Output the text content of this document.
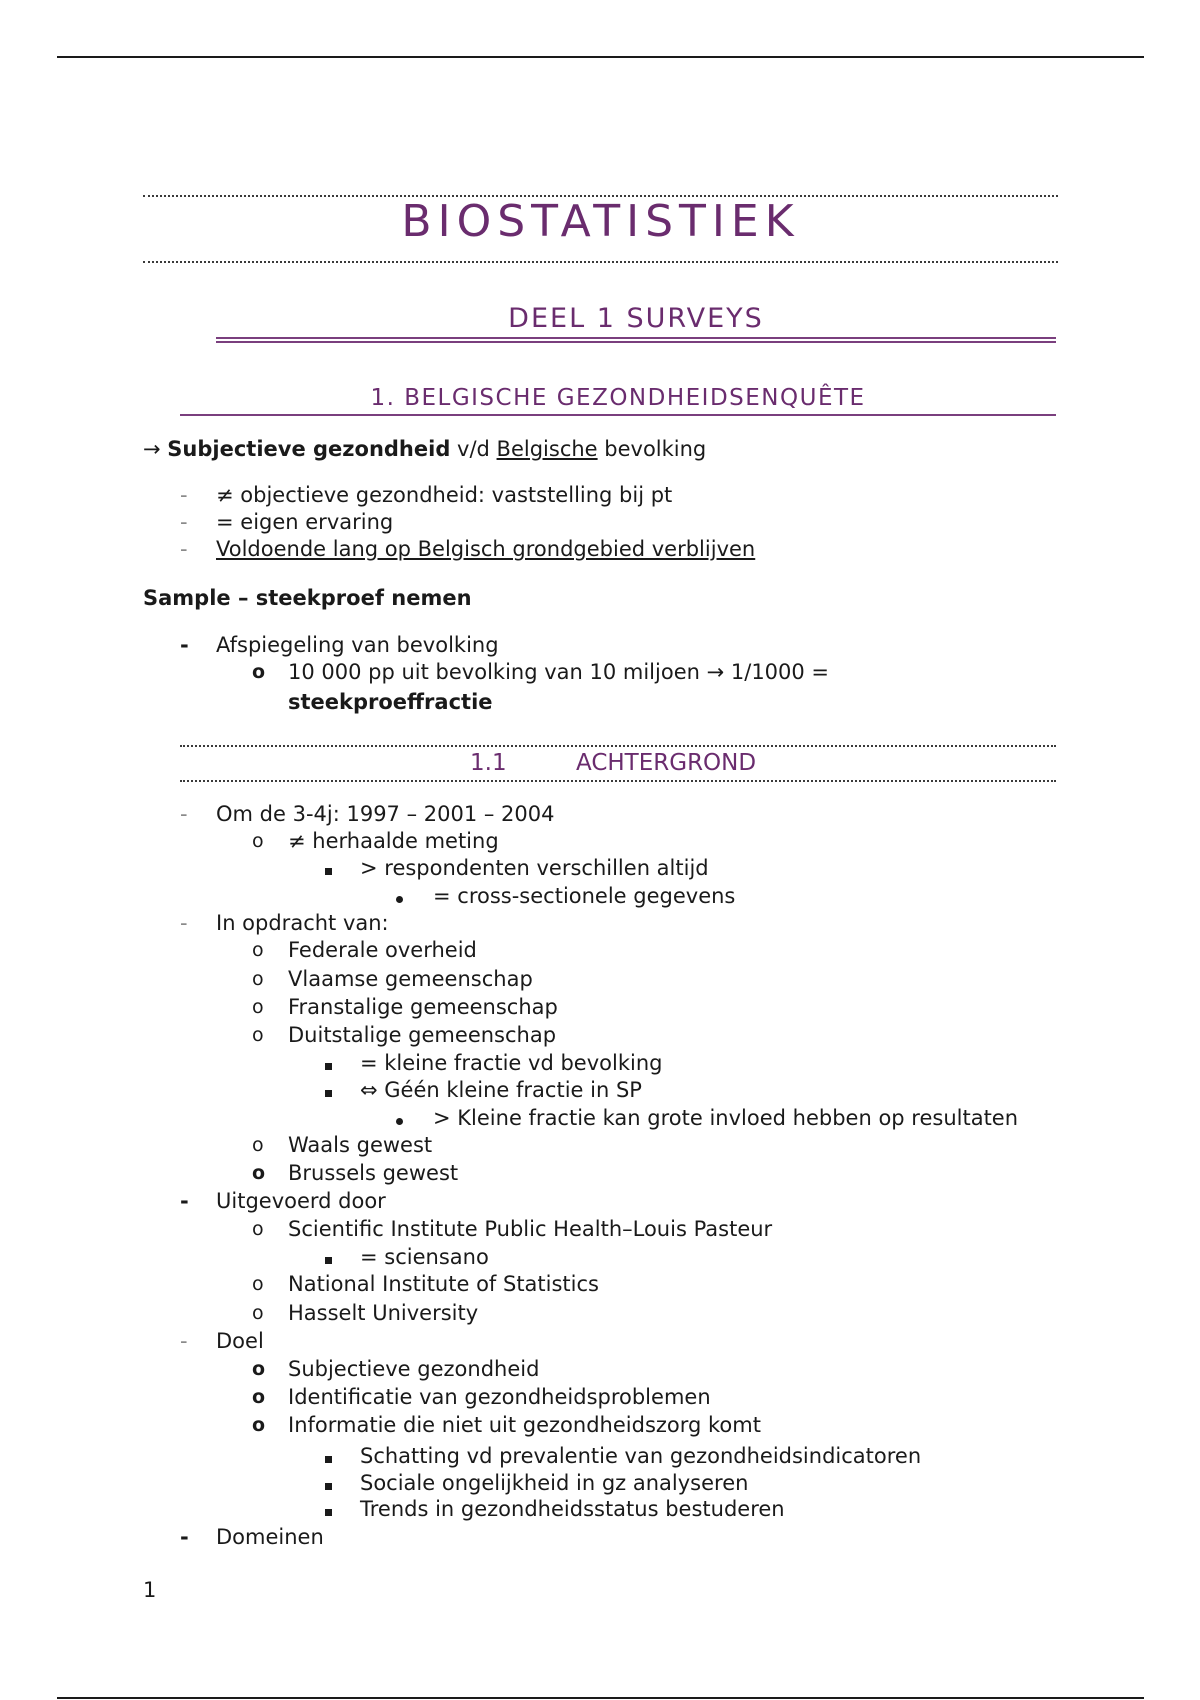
BIOSTATISTIEK
DEEL 1 SURVEYS
1. BELGISCHE GEZONDHEIDSENQUÊTE
→ Subjectieve gezondheid v/d Belgische bevolking
- ≠ objectieve gezondheid: vaststelling bij pt
- = eigen ervaring
- Voldoende lang op Belgisch grondgebied verblijven
Sample – steekproef nemen
- Afspiegeling van bevolking
o 10 000 pp uit bevolking van 10 miljoen → 1/1000 =
steekproeffractie
1.1	ACHTERGROND
- Om de 3-4j: 1997 – 2001 – 2004
o ≠ herhaalde meting
> respondenten verschillen altijd
= cross-sectionele gegevens
- In opdracht van:
o Federale overheid
o Vlaamse gemeenschap
o Franstalige gemeenschap
o Duitstalige gemeenschap
= kleine fractie vd bevolking
⇔ Géén kleine fractie in SP
> Kleine fractie kan grote invloed hebben op resultaten
o Waals gewest
o Brussels gewest
- Uitgevoerd door
o Scientific Institute Public Health–Louis Pasteur
= sciensano
o National Institute of Statistics
o Hasselt University
- Doel
o Subjectieve gezondheid
o Identificatie van gezondheidsproblemen
o Informatie die niet uit gezondheidszorg komt
Schatting vd prevalentie van gezondheidsindicatoren
Sociale ongelijkheid in gz analyseren
Trends in gezondheidsstatus bestuderen
- Domeinen
1
